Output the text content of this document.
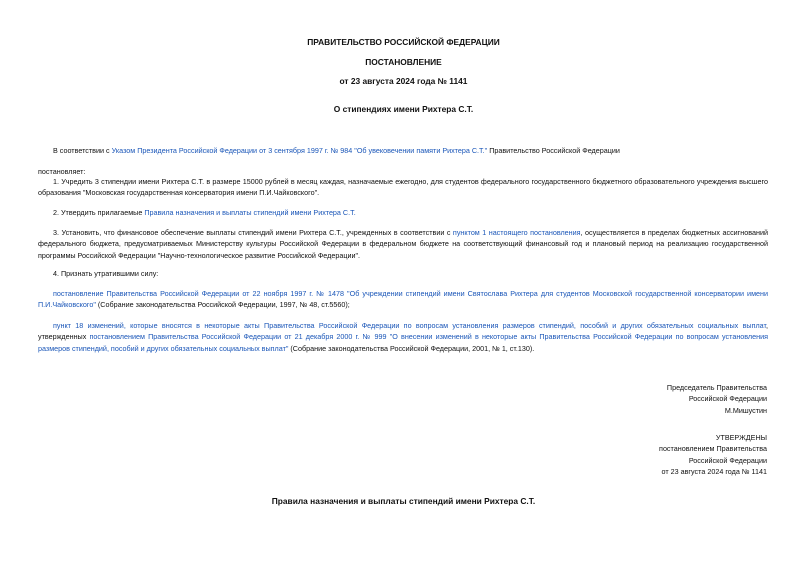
ПРАВИТЕЛЬСТВО РОССИЙСКОЙ ФЕДЕРАЦИИ
ПОСТАНОВЛЕНИЕ
от 23 августа 2024 года № 1141
О стипендиях имени Рихтера С.Т.
В соответствии с Указом Президента Российской Федерации от 3 сентября 1997 г. № 984 "Об увековечении памяти Рихтера С.Т." Правительство Российской Федерации
постановляет:
1. Учредить 3 стипендии имени Рихтера С.Т. в размере 15000 рублей в месяц каждая, назначаемые ежегодно, для студентов федерального государственного бюджетного образовательного учреждения высшего образования "Московская государственная консерватория имени П.И.Чайковского".
2. Утвердить прилагаемые Правила назначения и выплаты стипендий имени Рихтера С.Т.
3. Установить, что финансовое обеспечение выплаты стипендий имени Рихтера С.Т., учрежденных в соответствии с пунктом 1 настоящего постановления, осуществляется в пределах бюджетных ассигнований федерального бюджета, предусматриваемых Министерству культуры Российской Федерации в федеральном бюджете на соответствующий финансовый год и плановый период на реализацию государственной программы Российской Федерации "Научно-технологическое развитие Российской Федерации".
4. Признать утратившими силу:
постановление Правительства Российской Федерации от 22 ноября 1997 г. № 1478 "Об учреждении стипендий имени Святослава Рихтера для студентов Московской государственной консерватории имени П.И.Чайковского" (Собрание законодательства Российской Федерации, 1997, № 48, ст.5560);
пункт 18 изменений, которые вносятся в некоторые акты Правительства Российской Федерации по вопросам установления размеров стипендий, пособий и других обязательных социальных выплат, утвержденных постановлением Правительства Российской Федерации от 21 декабря 2000 г. № 999 "О внесении изменений в некоторые акты Правительства Российской Федерации по вопросам установления размеров стипендий, пособий и других обязательных социальных выплат" (Собрание законодательства Российской Федерации, 2001, № 1, ст.130).
Председатель Правительства
Российской Федерации
М.Мишустин
УТВЕРЖДЕНЫ
постановлением Правительства
Российской Федерации
от 23 августа 2024 года № 1141
Правила назначения и выплаты стипендий имени Рихтера С.Т.
